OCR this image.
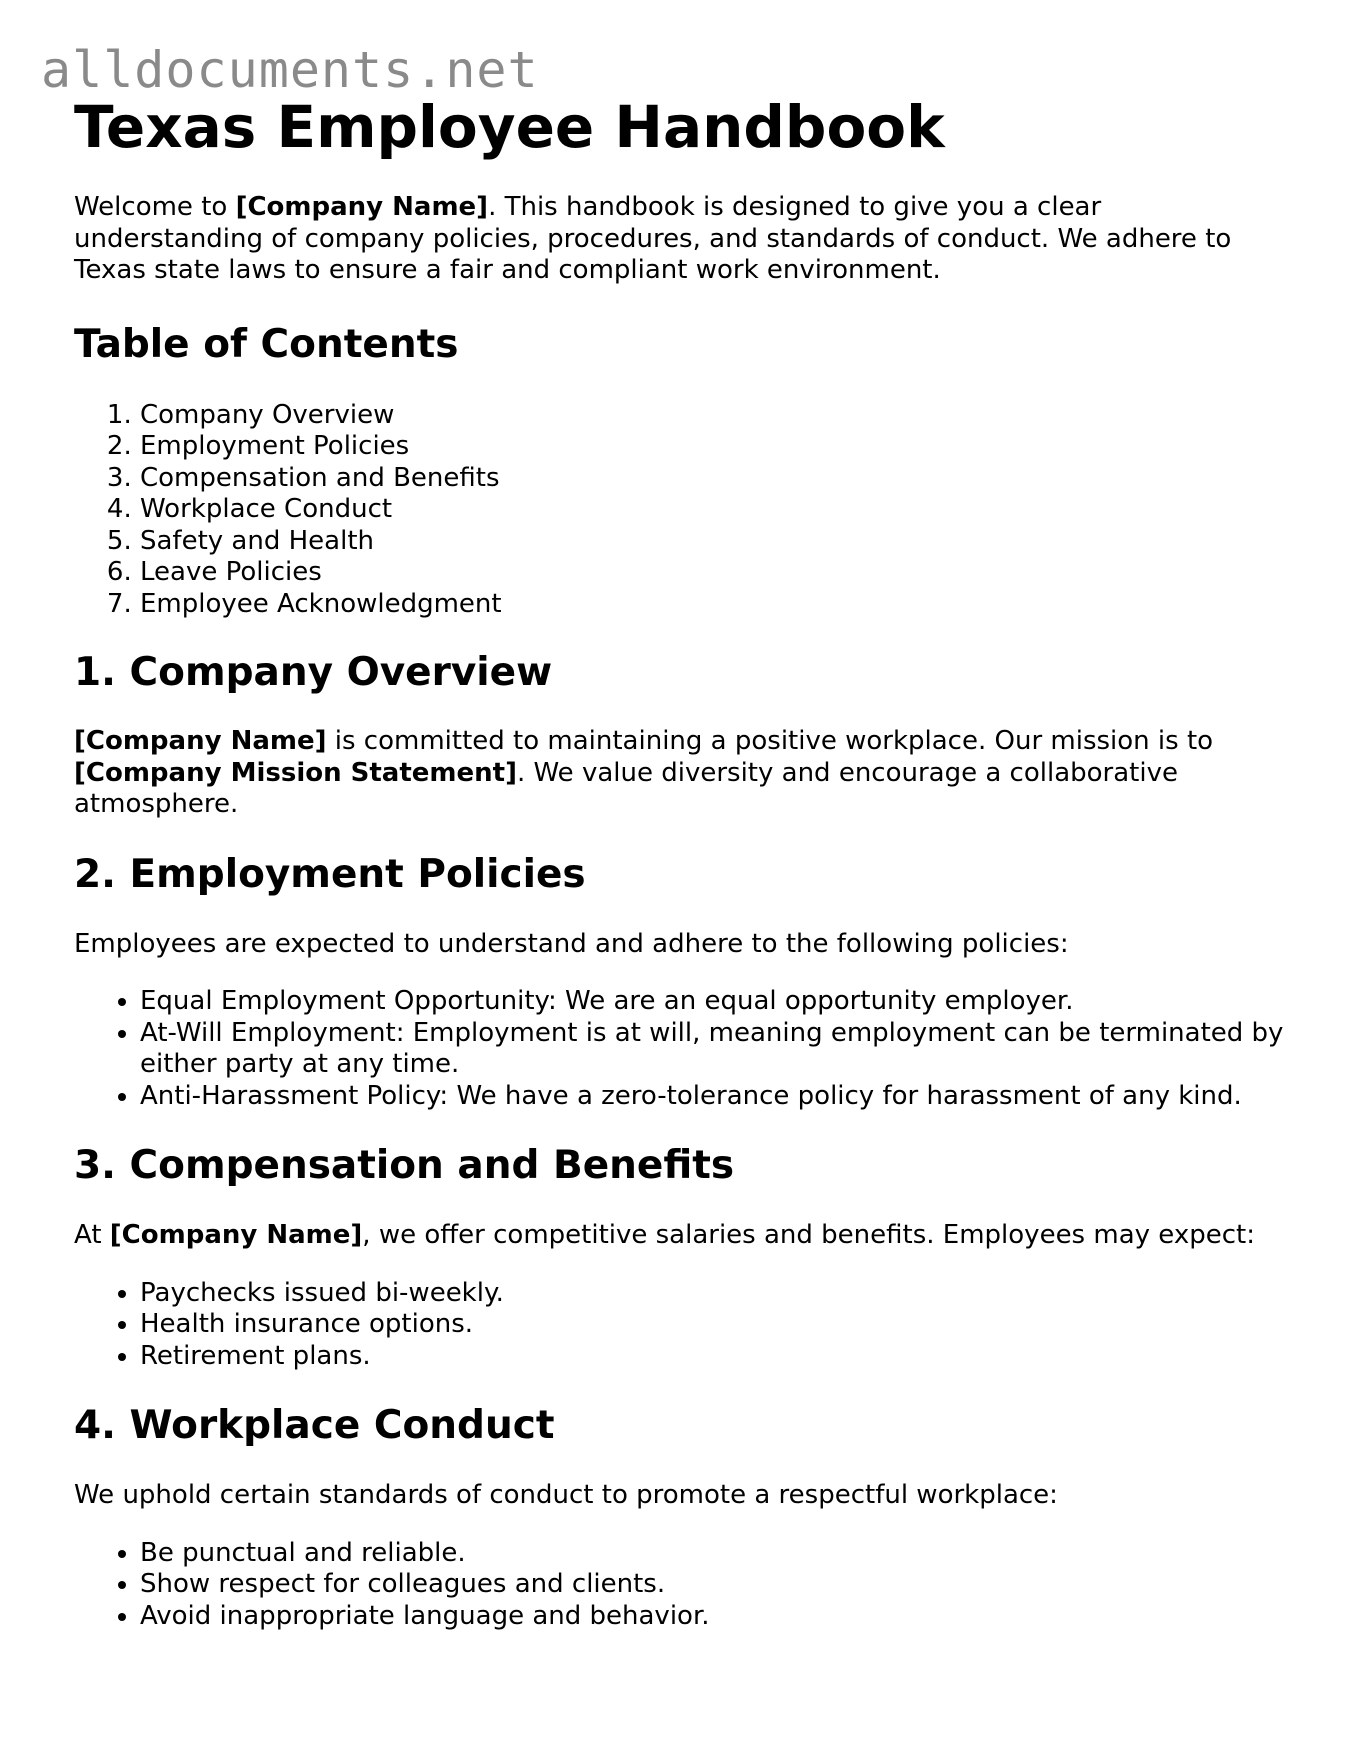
alldocuments.net
Texas Employee Handbook

Welcome to [Company Name]. This handbook is designed to give you a clear understanding of company policies, procedures, and standards of conduct. We adhere to Texas state laws to ensure a fair and compliant work environment.

Table of Contents
1. Company Overview
2. Employment Policies
3. Compensation and Benefits
4. Workplace Conduct
5. Safety and Health
6. Leave Policies
7. Employee Acknowledgment
1. Company Overview

[Company Name] is committed to maintaining a positive workplace. Our mission is to [Company Mission Statement]. We value diversity and encourage a collaborative atmosphere.

2. Employment Policies

Employees are expected to understand and adhere to the following policies:

• Equal Employment Opportunity: We are an equal opportunity employer.
• At-Will Employment: Employment is at will, meaning employment can be terminated by either party at any time.
• Anti-Harassment Policy: We have a zero-tolerance policy for harassment of any kind.
3. Compensation and Benefits

At [Company Name], we offer competitive salaries and benefits. Employees may expect:

• Paychecks issued bi-weekly.
• Health insurance options.
• Retirement plans.
4. Workplace Conduct

We uphold certain standards of conduct to promote a respectful workplace:

• Be punctual and reliable.
• Show respect for colleagues and clients.
• Avoid inappropriate language and behavior.
